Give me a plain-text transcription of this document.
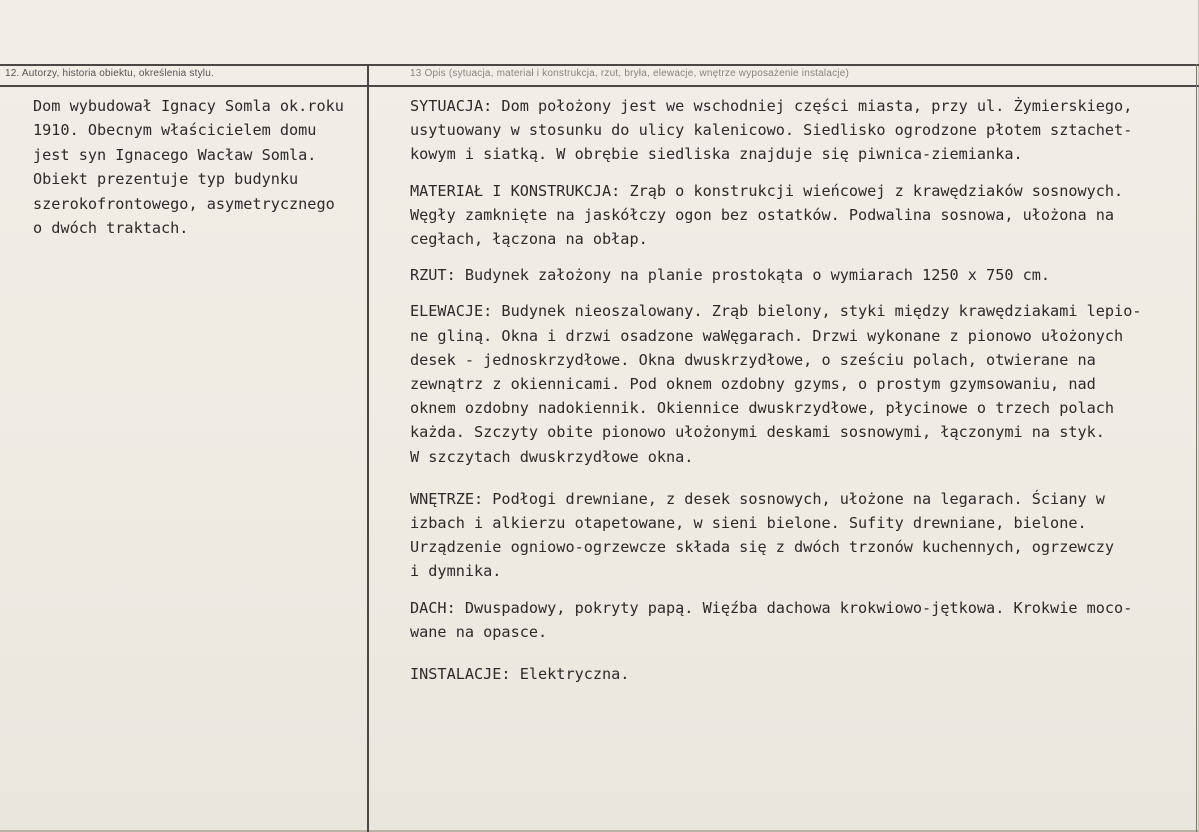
12. Autorzy, historia obiektu, określenia stylu.	13 Opis (sytuacja, materiał i konstrukcja, rzut, bryła, elewacje, wnętrze wyposażenie instalacje)

Dom wybudował Ignacy Somla ok.roku

1910. Obecnym właścicielem domu

jest syn Ignacego Wacław Somla.

Obiekt prezentuje typ budynku

szerokofrontowego, asymetrycznego

o dwóch traktach.

SYTUACJA: Dom położony jest we wschodniej części miasta, przy ul. Żymierskiego,
usytuowany w stosunku do ulicy kalenicowo. Siedlisko ogrodzone płotem sztachet-
kowym i siatką. W obrębie siedliska znajduje się piwnica-ziemianka.
MATERIAŁ I KONSTRUKCJA: Zrąb o konstrukcji wieńcowej z krawędziaków sosnowych.
Węgły zamknięte na jaskółczy ogon bez ostatków. Podwalina sosnowa, ułożona na
cegłach, łączona na obłap.
RZUT: Budynek założony na planie prostokąta o wymiarach 1250 x 750 cm.
ELEWACJE: Budynek nieoszalowany. Zrąb bielony, styki między krawędziakami lepio-
ne gliną. Okna i drzwi osadzone waWęgarach. Drzwi wykonane z pionowo ułożonych
desek - jednoskrzydłowe. Okna dwuskrzydłowe, o sześciu polach, otwierane na
zewnątrz z okiennicami. Pod oknem ozdobny gzyms, o prostym gzymsowaniu, nad
oknem ozdobny nadokiennik. Okiennice dwuskrzydłowe, płycinowe o trzech polach
każda. Szczyty obite pionowo ułożonymi deskami sosnowymi, łączonymi na styk.
W szczytach dwuskrzydłowe okna.
WNĘTRZE: Podłogi drewniane, z desek sosnowych, ułożone na legarach. Ściany w
izbach i alkierzu otapetowane, w sieni bielone. Sufity drewniane, bielone.
Urządzenie ogniowo-ogrzewcze składa się z dwóch trzonów kuchennych, ogrzewczy
i dymnika.
DACH: Dwuspadowy, pokryty papą. Więźba dachowa krokwiowo-jętkowa. Krokwie moco-
wane na opasce.
INSTALACJE: Elektryczna.
